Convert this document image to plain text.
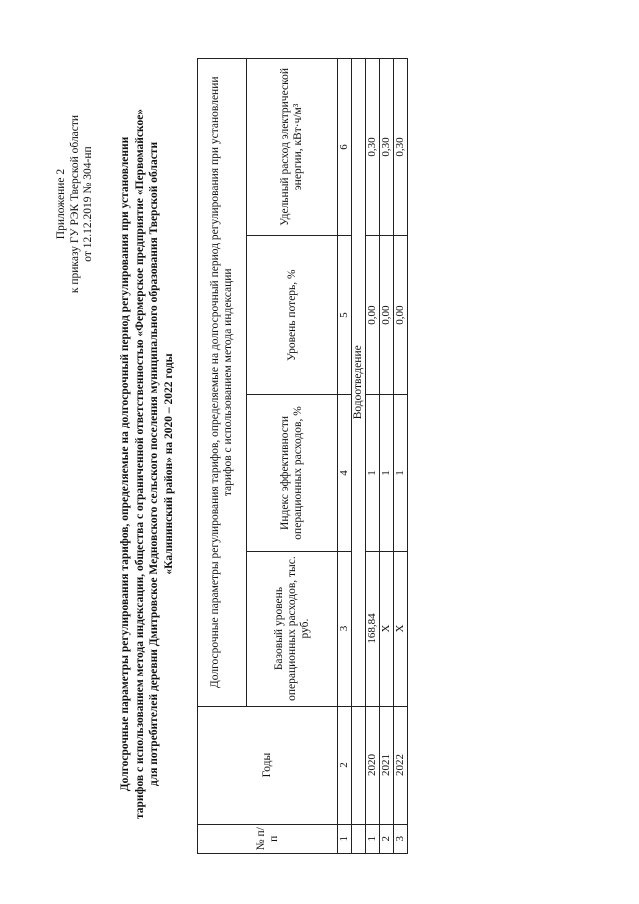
Приложение 2 к приказу ГУ РЭК Тверской области от 12.12.2019 № 304-нп Долгосрочные параметры регулирования тарифов, определяемые на долгосрочный период регулирования при установлении тарифов с использованием метода индексации, общества с ограниченной ответственностью «Фермерское предприятие «Первомайское» для потребителей деревни Дмитровское Медновского сельского поселения муниципального образования Тверской области «Калининский район» на 2020 – 2022 годы
№ п/п	Годы	Долгосрочные параметры регулирования тарифов, определяемые на долгосрочный период регулирования при установлении тарифов с использованием метода индексации			
		Базовый уровень операционных расходов, тыс. руб.	Индекс эффективности операционных расходов, %	Уровень потерь, %	Удельный расход электрической энергии, кВт·ч/м³
1	2	3	4	5	6
		Водоотведение			
1	2020	168,84	1	0,00	0,30
2	2021	Х	1	0,00	0,30
3	2022	Х	1	0,00	0,30
